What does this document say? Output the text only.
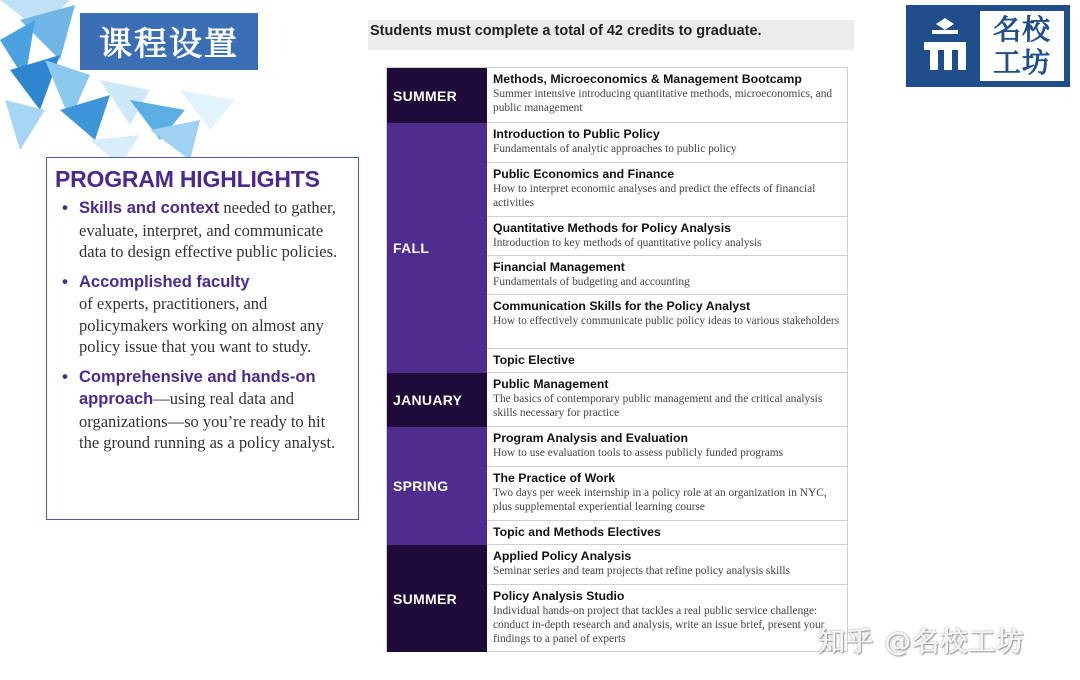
课程设置	名校
工坊
PROGRAM HIGHLIGHTS
• Skills and context needed to gather, evaluate, interpret, and communicate data to design effective public policies.
• Accomplished faculty
of experts, practitioners, and policymakers working on almost any policy issue that you want to study.
• Comprehensive and hands-on approach—using real data and organizations—so you’re ready to hit the ground running as a policy analyst.
Students must complete a total of 42 credits to graduate.
SUMMER
FALL
JANUARY
SPRING
SUMMER
Methods, Microeconomics & Management Bootcamp
Summer intensive introducing quantitative methods, microeconomics, and public management
Introduction to Public Policy
Fundamentals of analytic approaches to public policy
Public Economics and Finance
How to interpret economic analyses and predict the effects of financial activities
Quantitative Methods for Policy Analysis
Introduction to key methods of quantitative policy analysis
Financial Management
Fundamentals of budgeting and accounting
Communication Skills for the Policy Analyst
How to effectively communicate public policy ideas to various stakeholders
Topic Elective
Public Management
The basics of contemporary public management and the critical analysis skills necessary for practice
Program Analysis and Evaluation
How to use evaluation tools to assess publicly funded programs
The Practice of Work
Two days per week internship in a policy role at an organization in NYC, plus supplemental experiential learning course
Topic and Methods Electives
Applied Policy Analysis
Seminar series and team projects that refine policy analysis skills
Policy Analysis Studio
Individual hands-on project that tackles a real public service challenge: conduct in-depth research and analysis, write an issue brief, present your findings to a panel of experts	知乎 @名校工坊
